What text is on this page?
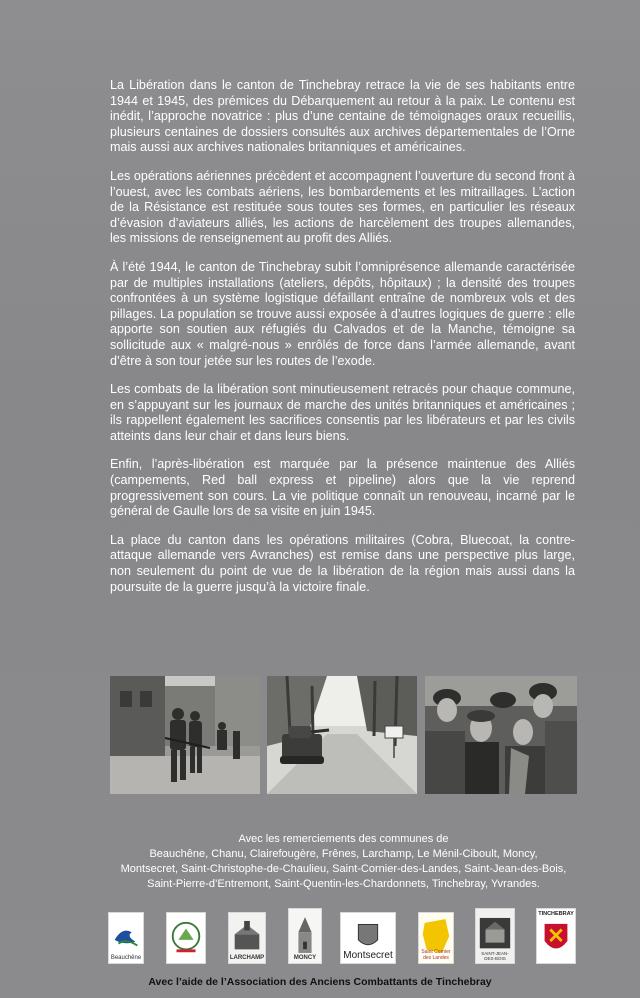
La Libération dans le canton de Tinchebray retrace la vie de ses habitants entre 1944 et 1945, des prémices du Débarquement au retour à la paix. Le contenu est inédit, l’approche novatrice : plus d’une centaine de témoignages oraux recueillis, plusieurs centaines de dossiers consultés aux archives départementales de l’Orne mais aussi aux archives nationales britanniques et américaines.

Les opérations aériennes précèdent et accompagnent l’ouverture du second front à l’ouest, avec les combats aériens, les bombardements et les mitraillages. L’action de la Résistance est restituée sous toutes ses formes, en particulier les réseaux d’évasion d’aviateurs alliés, les actions de harcèlement des troupes allemandes, les missions de renseignement au profit des Alliés.

À l’été 1944, le canton de Tinchebray subit l’omniprésence allemande caractérisée par de multiples installations (ateliers, dépôts, hôpitaux) ; la densité des troupes confrontées à un système logistique défaillant entraîne de nombreux vols et des pillages. La population se trouve aussi exposée à d’autres logiques de guerre : elle apporte son soutien aux réfugiés du Calvados et de la Manche, témoigne sa sollicitude aux « malgré-nous » enrôlés de force dans l’armée allemande, avant d’être à son tour jetée sur les routes de l’exode.

Les combats de la libération sont minutieusement retracés pour chaque commune, en s’appuyant sur les journaux de marche des unités britanniques et américaines ; ils rappellent également les sacrifices consentis par les libérateurs et par les civils atteints dans leur chair et dans leurs biens.

Enfin, l’après-libération est marquée par la présence maintenue des Alliés (campements, Red ball express et pipeline) alors que la vie reprend progressivement son cours. La vie politique connaît un renouveau, incarné par le général de Gaulle lors de sa visite en juin 1945.

La place du canton dans les opérations militaires (Cobra, Bluecoat, la contre-attaque allemande vers Avranches) est remise dans une perspective plus large, non seulement du point de vue de la libération de la région mais aussi dans la poursuite de la guerre jusqu’à la victoire finale.

Avec les remerciements des communes de
Beauchêne, Chanu, Clairefougère, Frênes, Larchamp, Le Ménil-Ciboult, Moncy,
Montsecret, Saint-Christophe-de-Chaulieu, Saint-Cornier-des-Landes, Saint-Jean-des-Bois,
Saint-Pierre-d’Entremont, Saint-Quentin-les-Chardonnets, Tinchebray, Yvrandes.
Beauchêne	LARCHAMP	MONCY	Montsecret	Saint Cornier des Landes
SAINT-JEAN-DES-BOIS
TINCHEBRAY
Avec l’aide de l’Association des Anciens Combattants de Tinchebray
